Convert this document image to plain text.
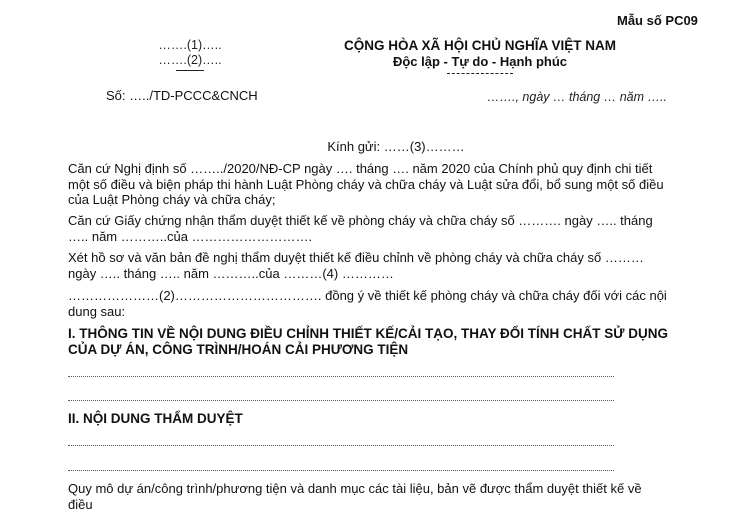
Mẫu số PC09
…….(1)…..
…….(2)…..
CỘNG HÒA XÃ HỘI CHỦ NGHĨA VIỆT NAM
Độc lập - Tự do - Hạnh phúc
Số: …../TD-PCCC&CNCH	……., ngày … tháng … năm …..
Kính gửi: ……(3)………
Căn cứ Nghị định số ……../2020/NĐ-CP ngày …. tháng …. năm 2020 của Chính phủ quy định chi tiết một số điều và biện pháp thi hành Luật Phòng cháy và chữa cháy và Luật sửa đổi, bổ sung một số điều của Luật Phòng cháy và chữa cháy;
Căn cứ Giấy chứng nhận thẩm duyệt thiết kế về phòng cháy và chữa cháy số ………. ngày ….. tháng ….. năm ………..của ……………………….
Xét hồ sơ và văn bản đề nghị thẩm duyệt thiết kế điều chỉnh về phòng cháy và chữa cháy số ……… ngày ….. tháng ….. năm ………..của ………(4) …………
…………………(2)……………………………. đồng ý về thiết kế phòng cháy và chữa cháy đối với các nội dung sau:
I. THÔNG TIN VỀ NỘI DUNG ĐIỀU CHỈNH THIẾT KẾ/CẢI TẠO, THAY ĐỔI TÍNH CHẤT SỬ DỤNG CỦA DỰ ÁN, CÔNG TRÌNH/HOÁN CẢI PHƯƠNG TIỆN
II. NỘI DUNG THẨM DUYỆT
Quy mô dự án/công trình/phương tiện và danh mục các tài liệu, bản vẽ được thẩm duyệt thiết kế về điều
